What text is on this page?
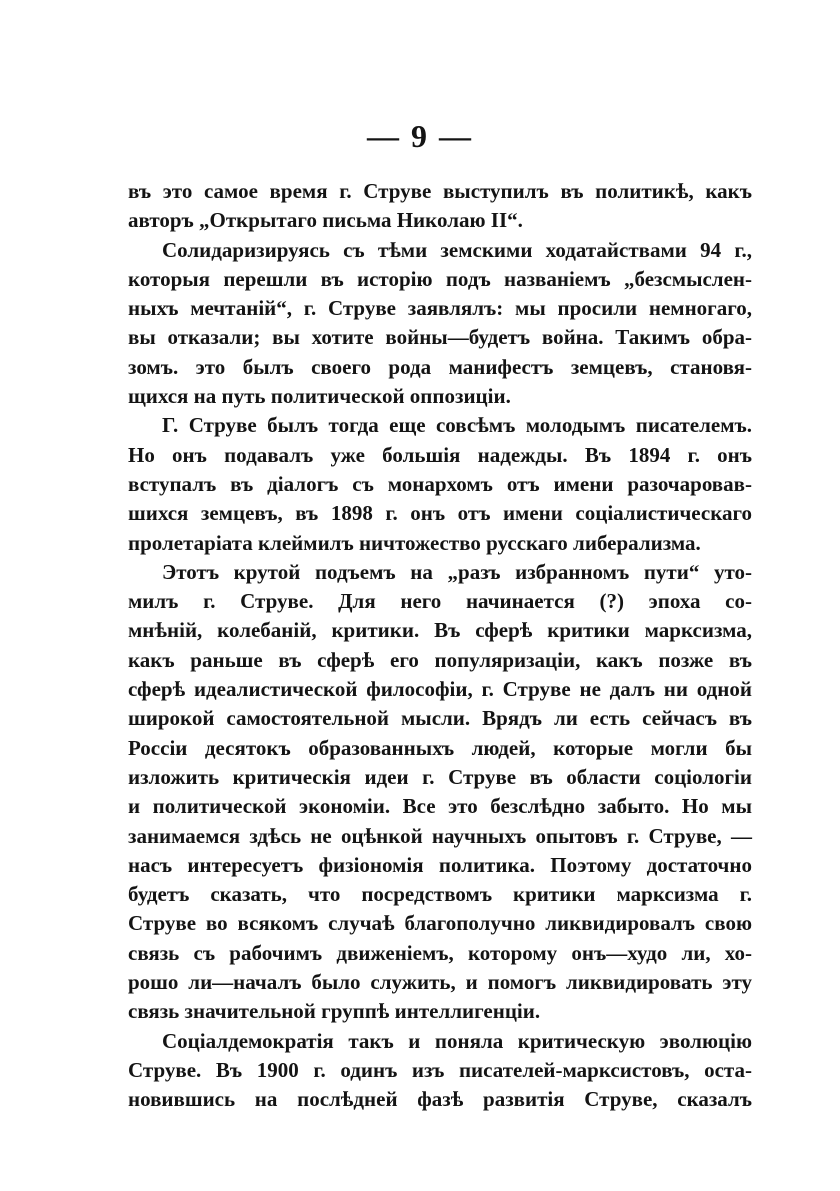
— 9 —
въ это самое время г. Струве выступилъ въ политикѣ, какъ
авторъ „Открытаго письма Николаю II“.
Солидаризируясь съ тѣми земскими ходатайствами 94 г.,
которыя перешли въ исторію подъ названіемъ „безсмыслен-
ныхъ мечтаній“, г. Струве заявлялъ: мы просили немногаго,
вы отказали; вы хотите войны—будетъ война. Такимъ обра-
зомъ. это былъ своего рода манифестъ земцевъ, становя-
щихся на путь политической оппозиціи.
Г. Струве былъ тогда еще совсѣмъ молодымъ писателемъ.
Но онъ подавалъ уже большія надежды. Въ 1894 г. онъ
вступалъ въ діалогъ съ монархомъ отъ имени разочаровав-
шихся земцевъ, въ 1898 г. онъ отъ имени соціалистическаго
пролетаріата клеймилъ ничтожество русскаго либерализма.
Этотъ крутой подъемъ на „разъ избранномъ пути“ уто-
милъ г. Струве. Для него начинается (?) эпоха со-
мнѣній, колебаній, критики. Въ сферѣ критики марксизма,
какъ раньше въ сферѣ его популяризаціи, какъ позже въ
сферѣ идеалистической философіи, г. Струве не далъ ни одной
широкой самостоятельной мысли. Врядъ ли есть сейчасъ въ
Россіи десятокъ образованныхъ людей, которые могли бы
изложить критическія идеи г. Струве въ области соціологіи
и политической экономіи. Все это безслѣдно забыто. Но мы
занимаемся здѣсь не оцѣнкой научныхъ опытовъ г. Струве, —
насъ интересуетъ физіономія политика. Поэтому достаточно
будетъ сказать, что посредствомъ критики марксизма г.
Струве во всякомъ случаѣ благополучно ликвидировалъ свою
связь съ рабочимъ движеніемъ, которому онъ—худо ли, хо-
рошо ли—началъ было служить, и помогъ ликвидировать эту
связь значительной группѣ интеллигенціи.
Соціалдемократія такъ и поняла критическую эволюцію
Струве. Въ 1900 г. одинъ изъ писателей-марксистовъ, оста-
новившись на послѣдней фазѣ развитія Струве, сказалъ
